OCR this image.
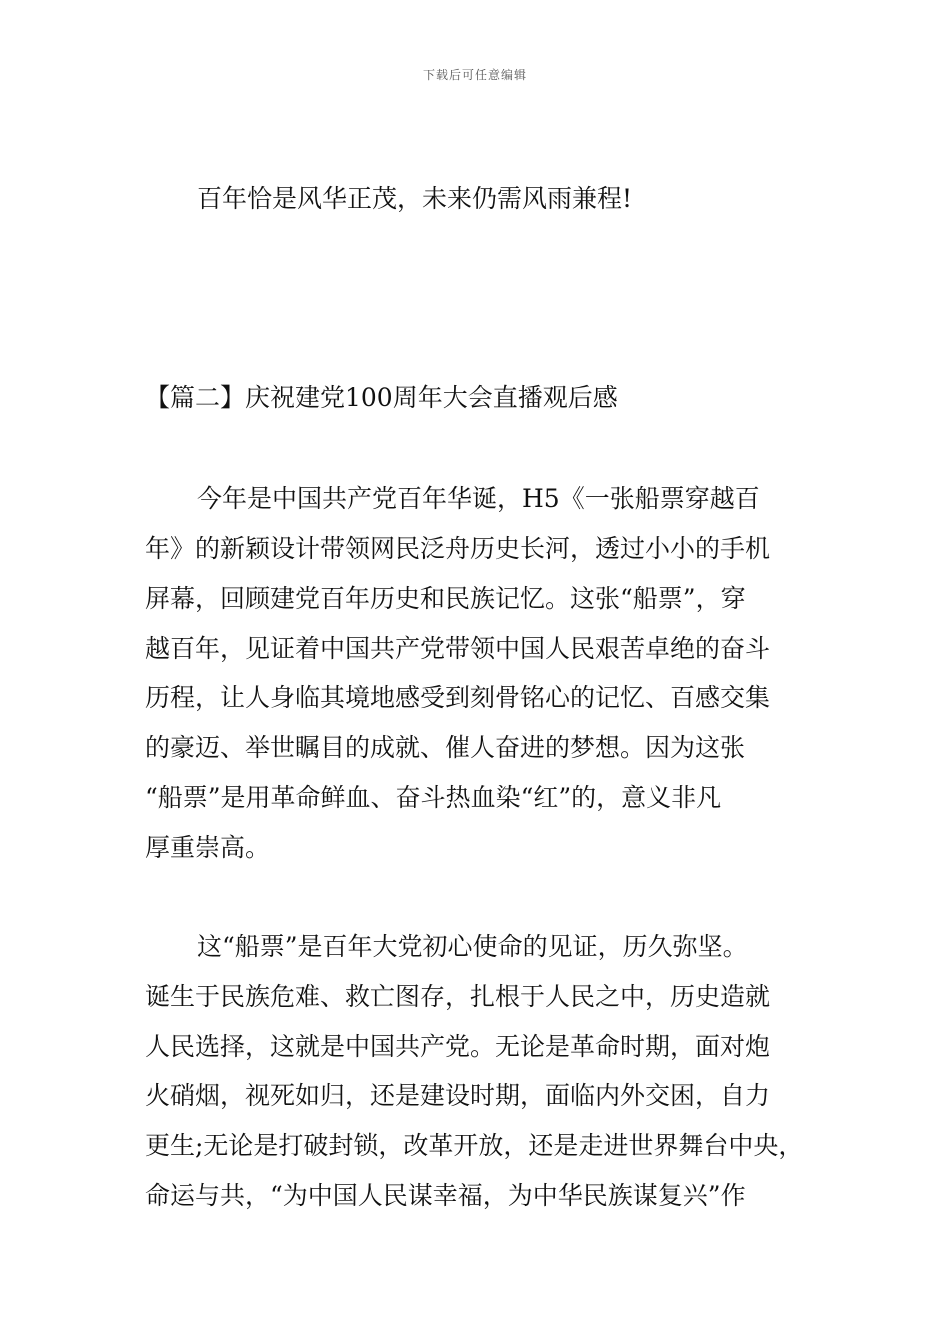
下载后可任意编辑
百年恰是风华正茂，未来仍需风雨兼程!
【篇二】庆祝建党100周年大会直播观后感
今年是中国共产党百年华诞，H5《一张船票穿越百
年》的新颖设计带领网民泛舟历史长河，透过小小的手机
屏幕，回顾建党百年历史和民族记忆。这张“船票”，穿
越百年，见证着中国共产党带领中国人民艰苦卓绝的奋斗
历程，让人身临其境地感受到刻骨铭心的记忆、百感交集
的豪迈、举世瞩目的成就、催人奋进的梦想。因为这张
“船票”是用革命鲜血、奋斗热血染“红”的，意义非凡
厚重崇高。
这“船票”是百年大党初心使命的见证，历久弥坚。
诞生于民族危难、救亡图存，扎根于人民之中，历史造就
人民选择，这就是中国共产党。无论是革命时期，面对炮
火硝烟，视死如归，还是建设时期，面临内外交困，自力
更生;无论是打破封锁，改革开放，还是走进世界舞台中央，
命运与共，“为中国人民谋幸福，为中华民族谋复兴”作
